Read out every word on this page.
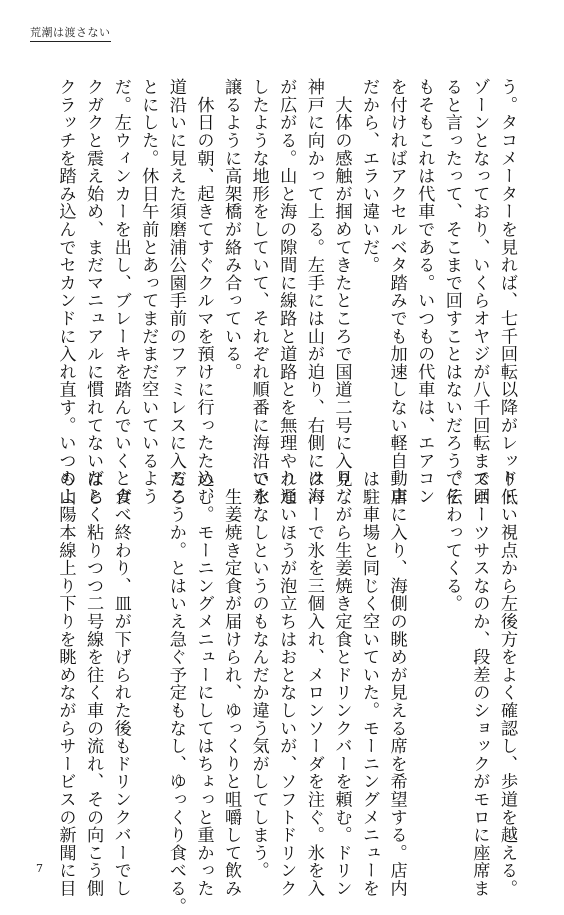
荒潮は渡さない
う。タコメーターを見れば、七千回転以降がレッド・
ゾーンとなっており、いくらオヤジが八千回転まで回
ると言ったって、そこまで回すことはないだろう。そ
もそもこれは代車である。いつもの代車は、エアコン
を付ければアクセルベタ踏みでも加速しない軽自動車
だから、エラい違いだ。
　大体の感触が掴めてきたところで国道二号に入り、
神戸に向かって上る。左手には山が迫り、右側には海
が広がる。山と海の隙間に線路と道路とを無理やり通
したような地形をしていて、それぞれ順番に海沿いを
譲るように高架橋が絡み合っている。
　休日の朝、起きてすぐクルマを預けに行ったため、
道沿いに見えた須磨浦公園手前のファミレスに入るこ
とにした。休日午前とあってまだまだ空いているよう
だ。左ウィンカーを出し、ブレーキを踏んでいくとガ
クガクと震え始め、まだマニュアルに慣れてないなと
クラッチを踏み込んでセカンドに入れ直す。いつもよ
り低い視点から左後方をよく確認し、歩道を越える。
スポーツサスなのか、段差のショックがモロに座席ま
で伝わってくる。

　店に入り、海側の眺めが見える席を希望する。店内
は駐車場と同じく空いていた。モーニングメニューを
見ながら生姜焼き定食とドリンクバーを頼む。ドリン
クバーで氷を三個入れ、メロンソーダを注ぐ。氷を入
れないほうが泡立ちはおとなしいが、ソフトドリンク
で氷なしというのもなんだか違う気がしてしまう。
　生姜焼き定食が届けられ、ゆっくりと咀嚼して飲み
込む。モーニングメニューにしてはちょっと重かった
だろうか。とはいえ急ぐ予定もなし、ゆっくり食べる。

　食べ終わり、皿が下げられた後もドリンクバーでし
ばらく粘りつつ二号線を往く車の流れ、その向こう側
の山陽本線上り下りを眺めながらサービスの新聞に目
7
